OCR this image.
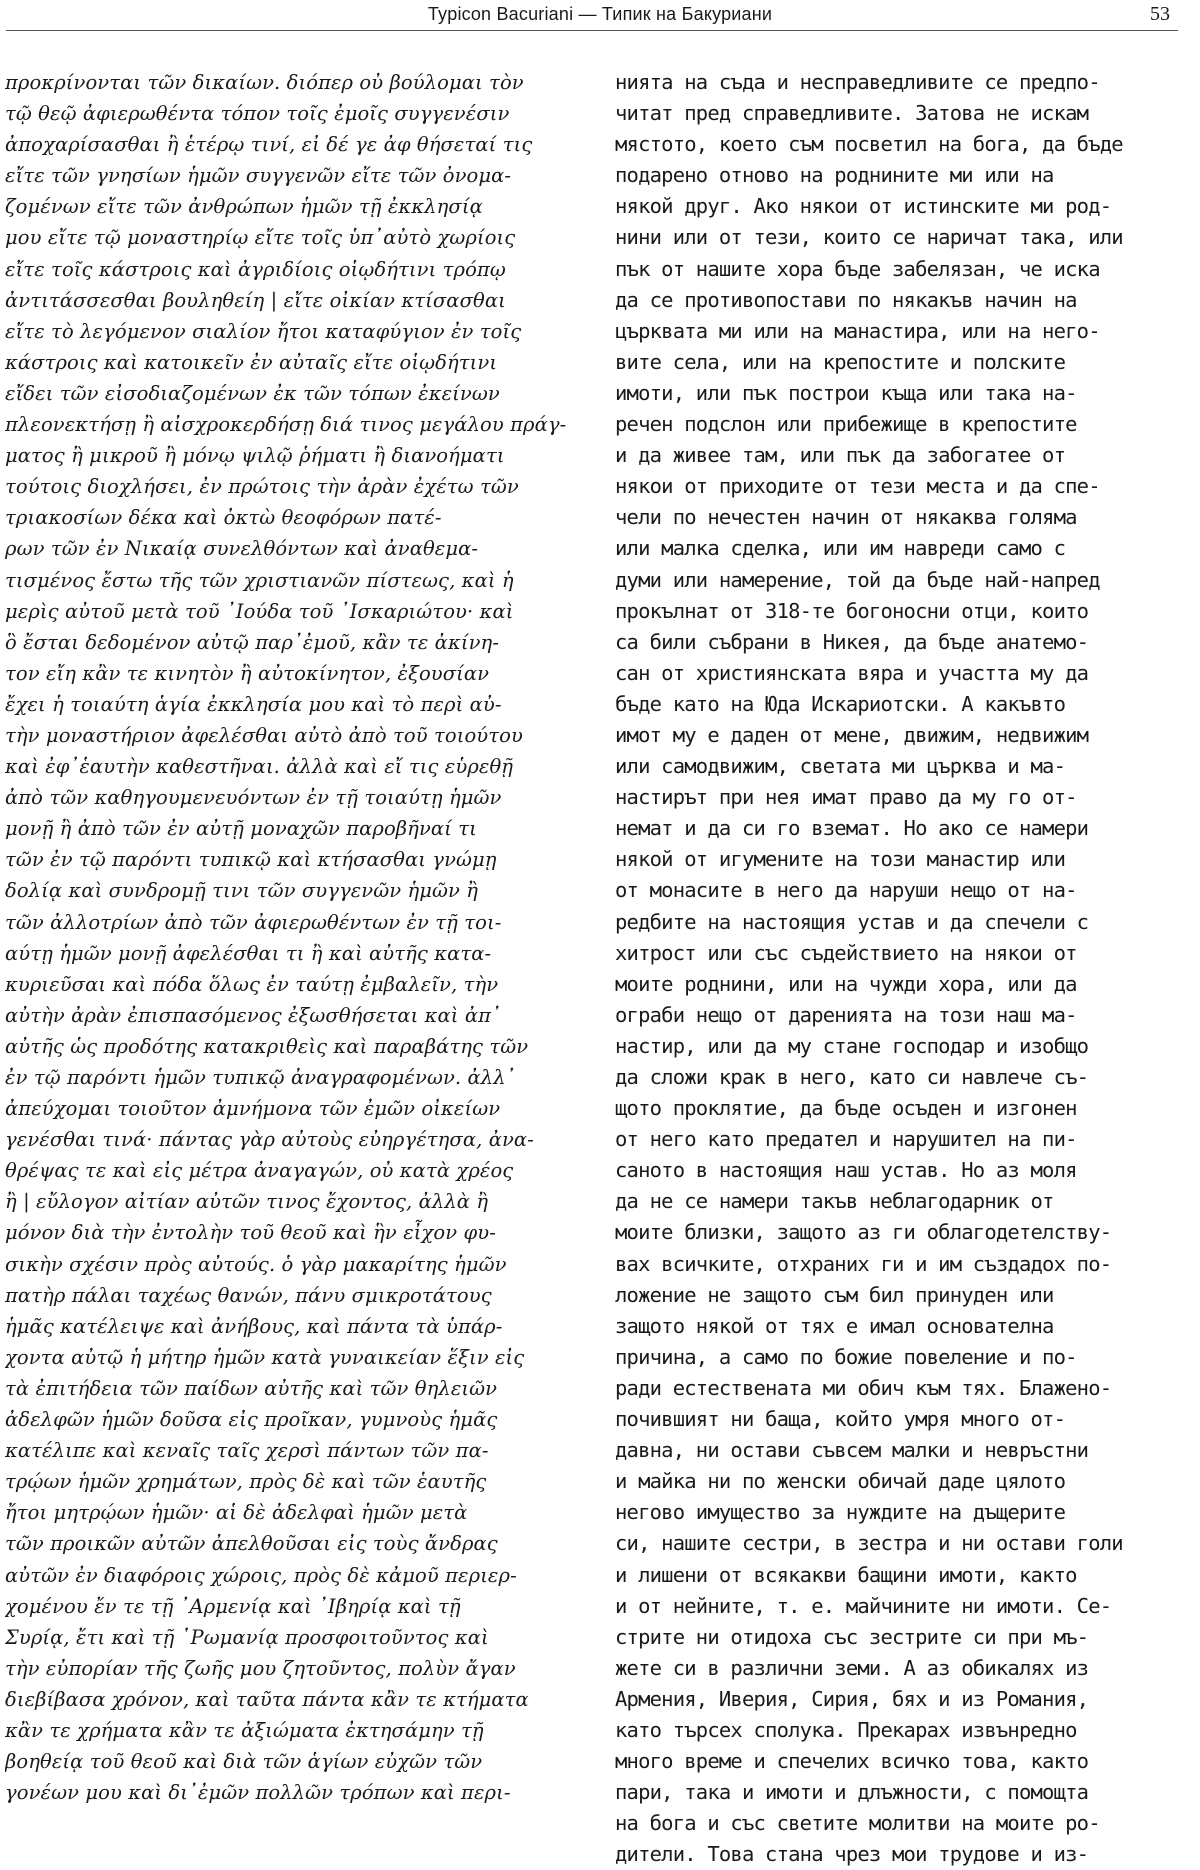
Typicon Bacuriani — Типик на Бакуриани	53
προκρίνονται τῶν δικαίων. διόπερ οὐ βούλομαι τὸν
τῷ θεῷ ἀφιερωθέντα τόπον τοῖς ἐμοῖς συγγενέσιν
ἀποχαρίσασθαι ἢ ἑτέρῳ τινί, εἰ δέ γε ἀφ θήσεταί τις
εἴτε τῶν γνησίων ἡμῶν συγγενῶν εἴτε τῶν ὀνομα-
ζομένων εἴτε τῶν ἀνθρώπων ἡμῶν τῇ ἐκκλησίᾳ
μου εἴτε τῷ μοναστηρίῳ εἴτε τοῖς ὑπ᾽αὐτὸ χωρίοις
εἴτε τοῖς κάστροις καὶ ἀγριδίοις οἱῳδήτινι τρόπῳ
ἀντιτάσσεσθαι βουληθείη | εἴτε οἰκίαν κτίσασθαι
εἴτε τὸ λεγόμενον σιαλίον ἤτοι καταφύγιον ἐν τοῖς
κάστροις καὶ κατοικεῖν ἐν αὐταῖς εἴτε οἱῳδήτινι
εἴδει τῶν εἰσοδιαζομένων ἐκ τῶν τόπων ἐκείνων
πλεονεκτήσῃ ἢ αἰσχροκερδήσῃ διά τινος μεγάλου πράγ-
ματος ἢ μικροῦ ἢ μόνῳ ψιλῷ ῥήματι ἢ διανοήματι
τούτοις διοχλήσει, ἐν πρώτοις τὴν ἀρὰν ἐχέτω τῶν
τριακοσίων δέκα καὶ ὀκτὼ θεοφόρων πατέ-
ρων τῶν ἐν Νικαίᾳ συνελθόντων καὶ ἀναθεμα-
τισμένος ἔστω τῆς τῶν χριστιανῶν πίστεως, καὶ ἡ
μερὶς αὐτοῦ μετὰ τοῦ ᾿Ιούδα τοῦ ᾿Ισκαριώτου· καὶ
ὃ ἔσται δεδομένον αὐτῷ παρ᾽ἐμοῦ, κἂν τε ἀκίνη-
τον εἴη κἂν τε κινητὸν ἢ αὐτοκίνητον, ἐξουσίαν
ἔχει ἡ τοιαύτη ἁγία ἐκκλησία μου καὶ τὸ περὶ αὐ-
τὴν μοναστήριον ἀφελέσθαι αὐτὸ ἀπὸ τοῦ τοιούτου
καὶ ἐφ᾽ἑαυτὴν καθεστῆναι. ἀλλὰ καὶ εἴ τις εὑρεθῇ
ἀπὸ τῶν καθηγουμενευόντων ἐν τῇ τοιαύτῃ ἡμῶν
μονῇ ἢ ἀπὸ τῶν ἐν αὐτῇ μοναχῶν παροβῆναί τι
τῶν ἐν τῷ παρόντι τυπικῷ καὶ κτήσασθαι γνώμῃ
δολίᾳ καὶ συνδρομῇ τινι τῶν συγγενῶν ἡμῶν ἢ
τῶν ἀλλοτρίων ἀπὸ τῶν ἀφιερωθέντων ἐν τῇ τοι-
αύτῃ ἡμῶν μονῇ ἀφελέσθαι τι ἢ καὶ αὐτῆς κατα-
κυριεῦσαι καὶ πόδα ὅλως ἐν ταύτῃ ἐμβαλεῖν, τὴν
αὐτὴν ἀρὰν ἐπισπασόμενος ἐξωσθήσεται καὶ ἀπ᾽
αὐτῆς ὡς προδότης κατακριθεὶς καὶ παραβάτης τῶν
ἐν τῷ παρόντι ἡμῶν τυπικῷ ἀναγραφομένων. ἀλλ᾽
ἀπεύχομαι τοιοῦτον ἀμνήμονα τῶν ἐμῶν οἰκείων
γενέσθαι τινά· πάντας γὰρ αὐτοὺς εὐηργέτησα, ἀνα-
θρέψας τε καὶ εἰς μέτρα ἀναγαγών, οὐ κατὰ χρέος
ἢ | εὔλογον αἰτίαν αὐτῶν τινος ἔχοντος, ἀλλὰ ἢ
μόνον διὰ τὴν ἐντολὴν τοῦ θεοῦ καὶ ἣν εἶχον φυ-
σικὴν σχέσιν πρὸς αὐτούς. ὁ γὰρ μακαρίτης ἡμῶν
πατὴρ πάλαι ταχέως θανών, πάνυ σμικροτάτους
ἡμᾶς κατέλειψε καὶ ἀνήβους, καὶ πάντα τὰ ὑπάρ-
χοντα αὐτῷ ἡ μήτηρ ἡμῶν κατὰ γυναικείαν ἕξιν εἰς
τὰ ἐπιτήδεια τῶν παίδων αὐτῆς καὶ τῶν θηλειῶν
ἀδελφῶν ἡμῶν δοῦσα εἰς προῖκαν, γυμνοὺς ἡμᾶς
κατέλιπε καὶ κεναῖς ταῖς χερσὶ πάντων τῶν πα-
τρῴων ἡμῶν χρημάτων, πρὸς δὲ καὶ τῶν ἑαυτῆς
ἤτοι μητρῴων ἡμῶν· αἱ δὲ ἀδελφαὶ ἡμῶν μετὰ
τῶν προικῶν αὐτῶν ἀπελθοῦσαι εἰς τοὺς ἄνδρας
αὐτῶν ἐν διαφόροις χώροις, πρὸς δὲ κἀμοῦ περιερ-
χομένου ἔν τε τῇ ᾿Αρμενίᾳ καὶ ᾿Ιβηρίᾳ καὶ τῇ
Συρίᾳ, ἔτι καὶ τῇ ῾Ρωμανίᾳ προσφοιτοῦντος καὶ
τὴν εὐπορίαν τῆς ζωῆς μου ζητοῦντος, πολὺν ἄγαν
διεβίβασα χρόνον, καὶ ταῦτα πάντα κἂν τε κτήματα
κἂν τε χρήματα κἂν τε ἀξιώματα ἐκτησάμην τῇ
βοηθείᾳ τοῦ θεοῦ καὶ διὰ τῶν ἁγίων εὐχῶν τῶν
γονέων μου καὶ δι᾽ἐμῶν πολλῶν τρόπων καὶ περι-
нията на съда и несправедливите се предпо-
читат пред справедливите. Затова не искам
мястото, което съм посветил на бога, да бъде
подарено отново на роднините ми или на
някой друг. Ако някои от истинските ми род-
нини или от тези, които се наричат така, или
пък от нашите хора бъде забелязан, че иска
да се противопостави по някакъв начин на
църквата ми или на манастира, или на него-
вите села, или на крепостите и полските
имоти, или пък построи къща или така на-
речен подслон или прибежище в крепостите
и да живее там, или пък да забогатее от
някои от приходите от тези места и да спе-
чели по нечестен начин от някаква голяма
или малка сделка, или им навреди само с
думи или намерение, той да бъде най-напред
прокълнат от 318-те богоносни отци, които
са били събрани в Никея, да бъде анатемо-
сан от християнската вяра и участта му да
бъде като на Юда Искариотски. А какъвто
имот му е даден от мене, движим, недвижим
или самодвижим, светата ми църква и ма-
настирът при нея имат право да му го от-
немат и да си го вземат. Но ако се намери
някой от игумените на този манастир или
от монасите в него да наруши нещо от на-
редбите на настоящия устав и да спечели с
хитрост или със съдействието на някои от
моите роднини, или на чужди хора, или да
ограби нещо от даренията на този наш ма-
настир, или да му стане господар и изобщо
да сложи крак в него, като си навлече съ-
щото проклятие, да бъде осъден и изгонен
от него като предател и нарушител на пи-
саното в настоящия наш устав. Но аз моля
да не се намери такъв неблагодарник от
моите близки, защото аз ги облагодетелству-
вах всичките, отхраних ги и им създадох по-
ложение не защото съм бил принуден или
защото някой от тях е имал основателна
причина, а само по божие повеление и по-
ради естествената ми обич към тях. Блажено-
почившият ни баща, който умря много от-
давна, ни остави съвсем малки и невръстни
и майка ни по женски обичай даде цялото
негово имущество за нуждите на дъщерите
си, нашите сестри, в зестра и ни остави голи
и лишени от всякакви бащини имоти, както
и от нейните, т. е. майчините ни имоти. Се-
стрите ни отидоха със зестрите си при мъ-
жете си в различни земи. А аз обикалях из
Армения, Иверия, Сирия, бях и из Романия,
като търсех сполука. Прекарах извънредно
много време и спечелих всичко това, както
пари, така и имоти и длъжности, с помощта
на бога и със светите молитви на моите ро-
дители. Това стана чрез мои трудове и из-
